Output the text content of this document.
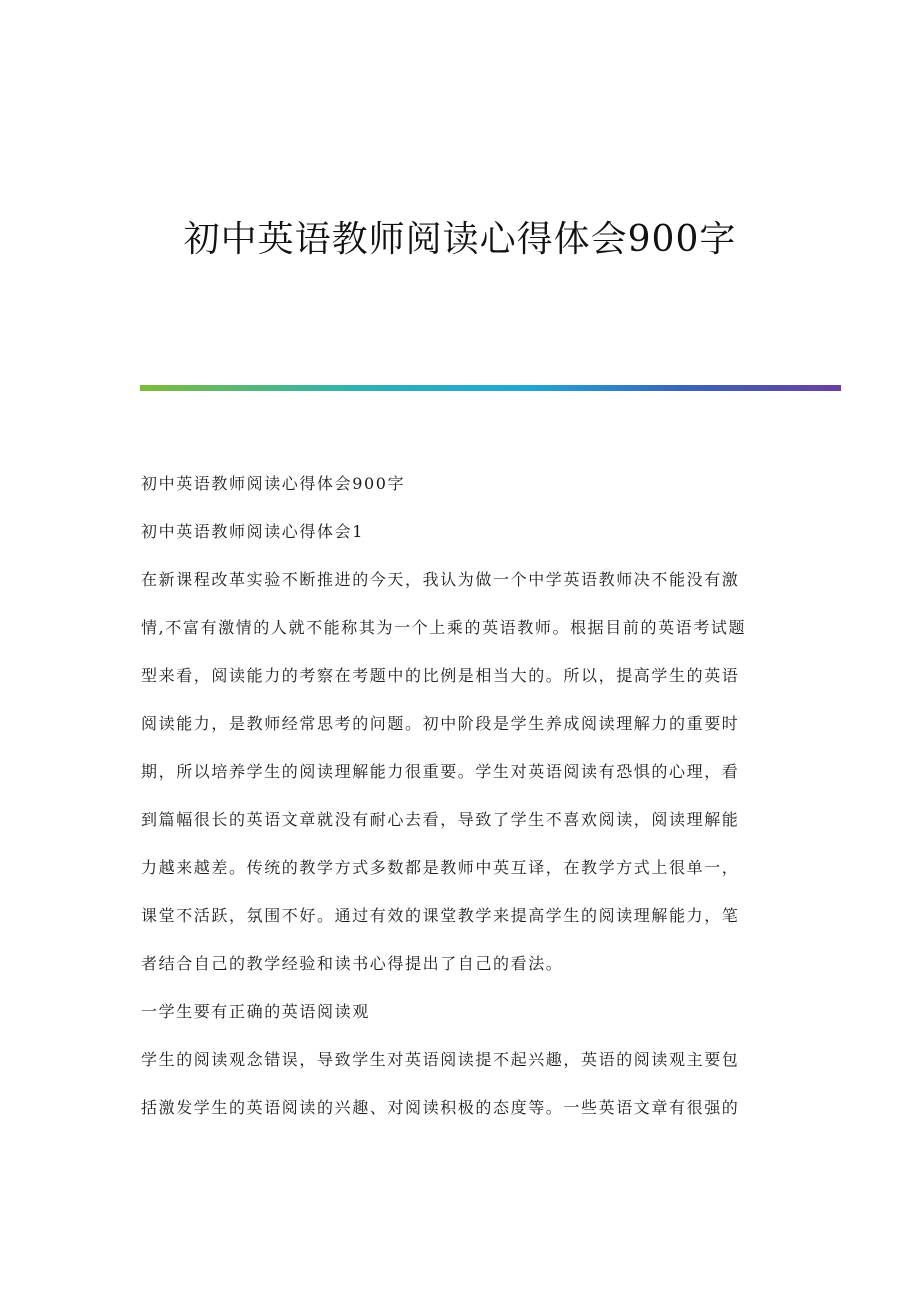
初中英语教师阅读心得体会900字
初中英语教师阅读心得体会900字
初中英语教师阅读心得体会1
在新课程改革实验不断推进的今天，我认为做一个中学英语教师决不能没有激
情,不富有激情的人就不能称其为一个上乘的英语教师。根据目前的英语考试题
型来看，阅读能力的考察在考题中的比例是相当大的。所以，提高学生的英语
阅读能力，是教师经常思考的问题。初中阶段是学生养成阅读理解力的重要时
期，所以培养学生的阅读理解能力很重要。学生对英语阅读有恐惧的心理，看
到篇幅很长的英语文章就没有耐心去看，导致了学生不喜欢阅读，阅读理解能
力越来越差。传统的教学方式多数都是教师中英互译，在教学方式上很单一，
课堂不活跃，氛围不好。通过有效的课堂教学来提高学生的阅读理解能力，笔
者结合自己的教学经验和读书心得提出了自己的看法。
一学生要有正确的英语阅读观
学生的阅读观念错误，导致学生对英语阅读提不起兴趣，英语的阅读观主要包
括激发学生的英语阅读的兴趣、对阅读积极的态度等。一些英语文章有很强的
